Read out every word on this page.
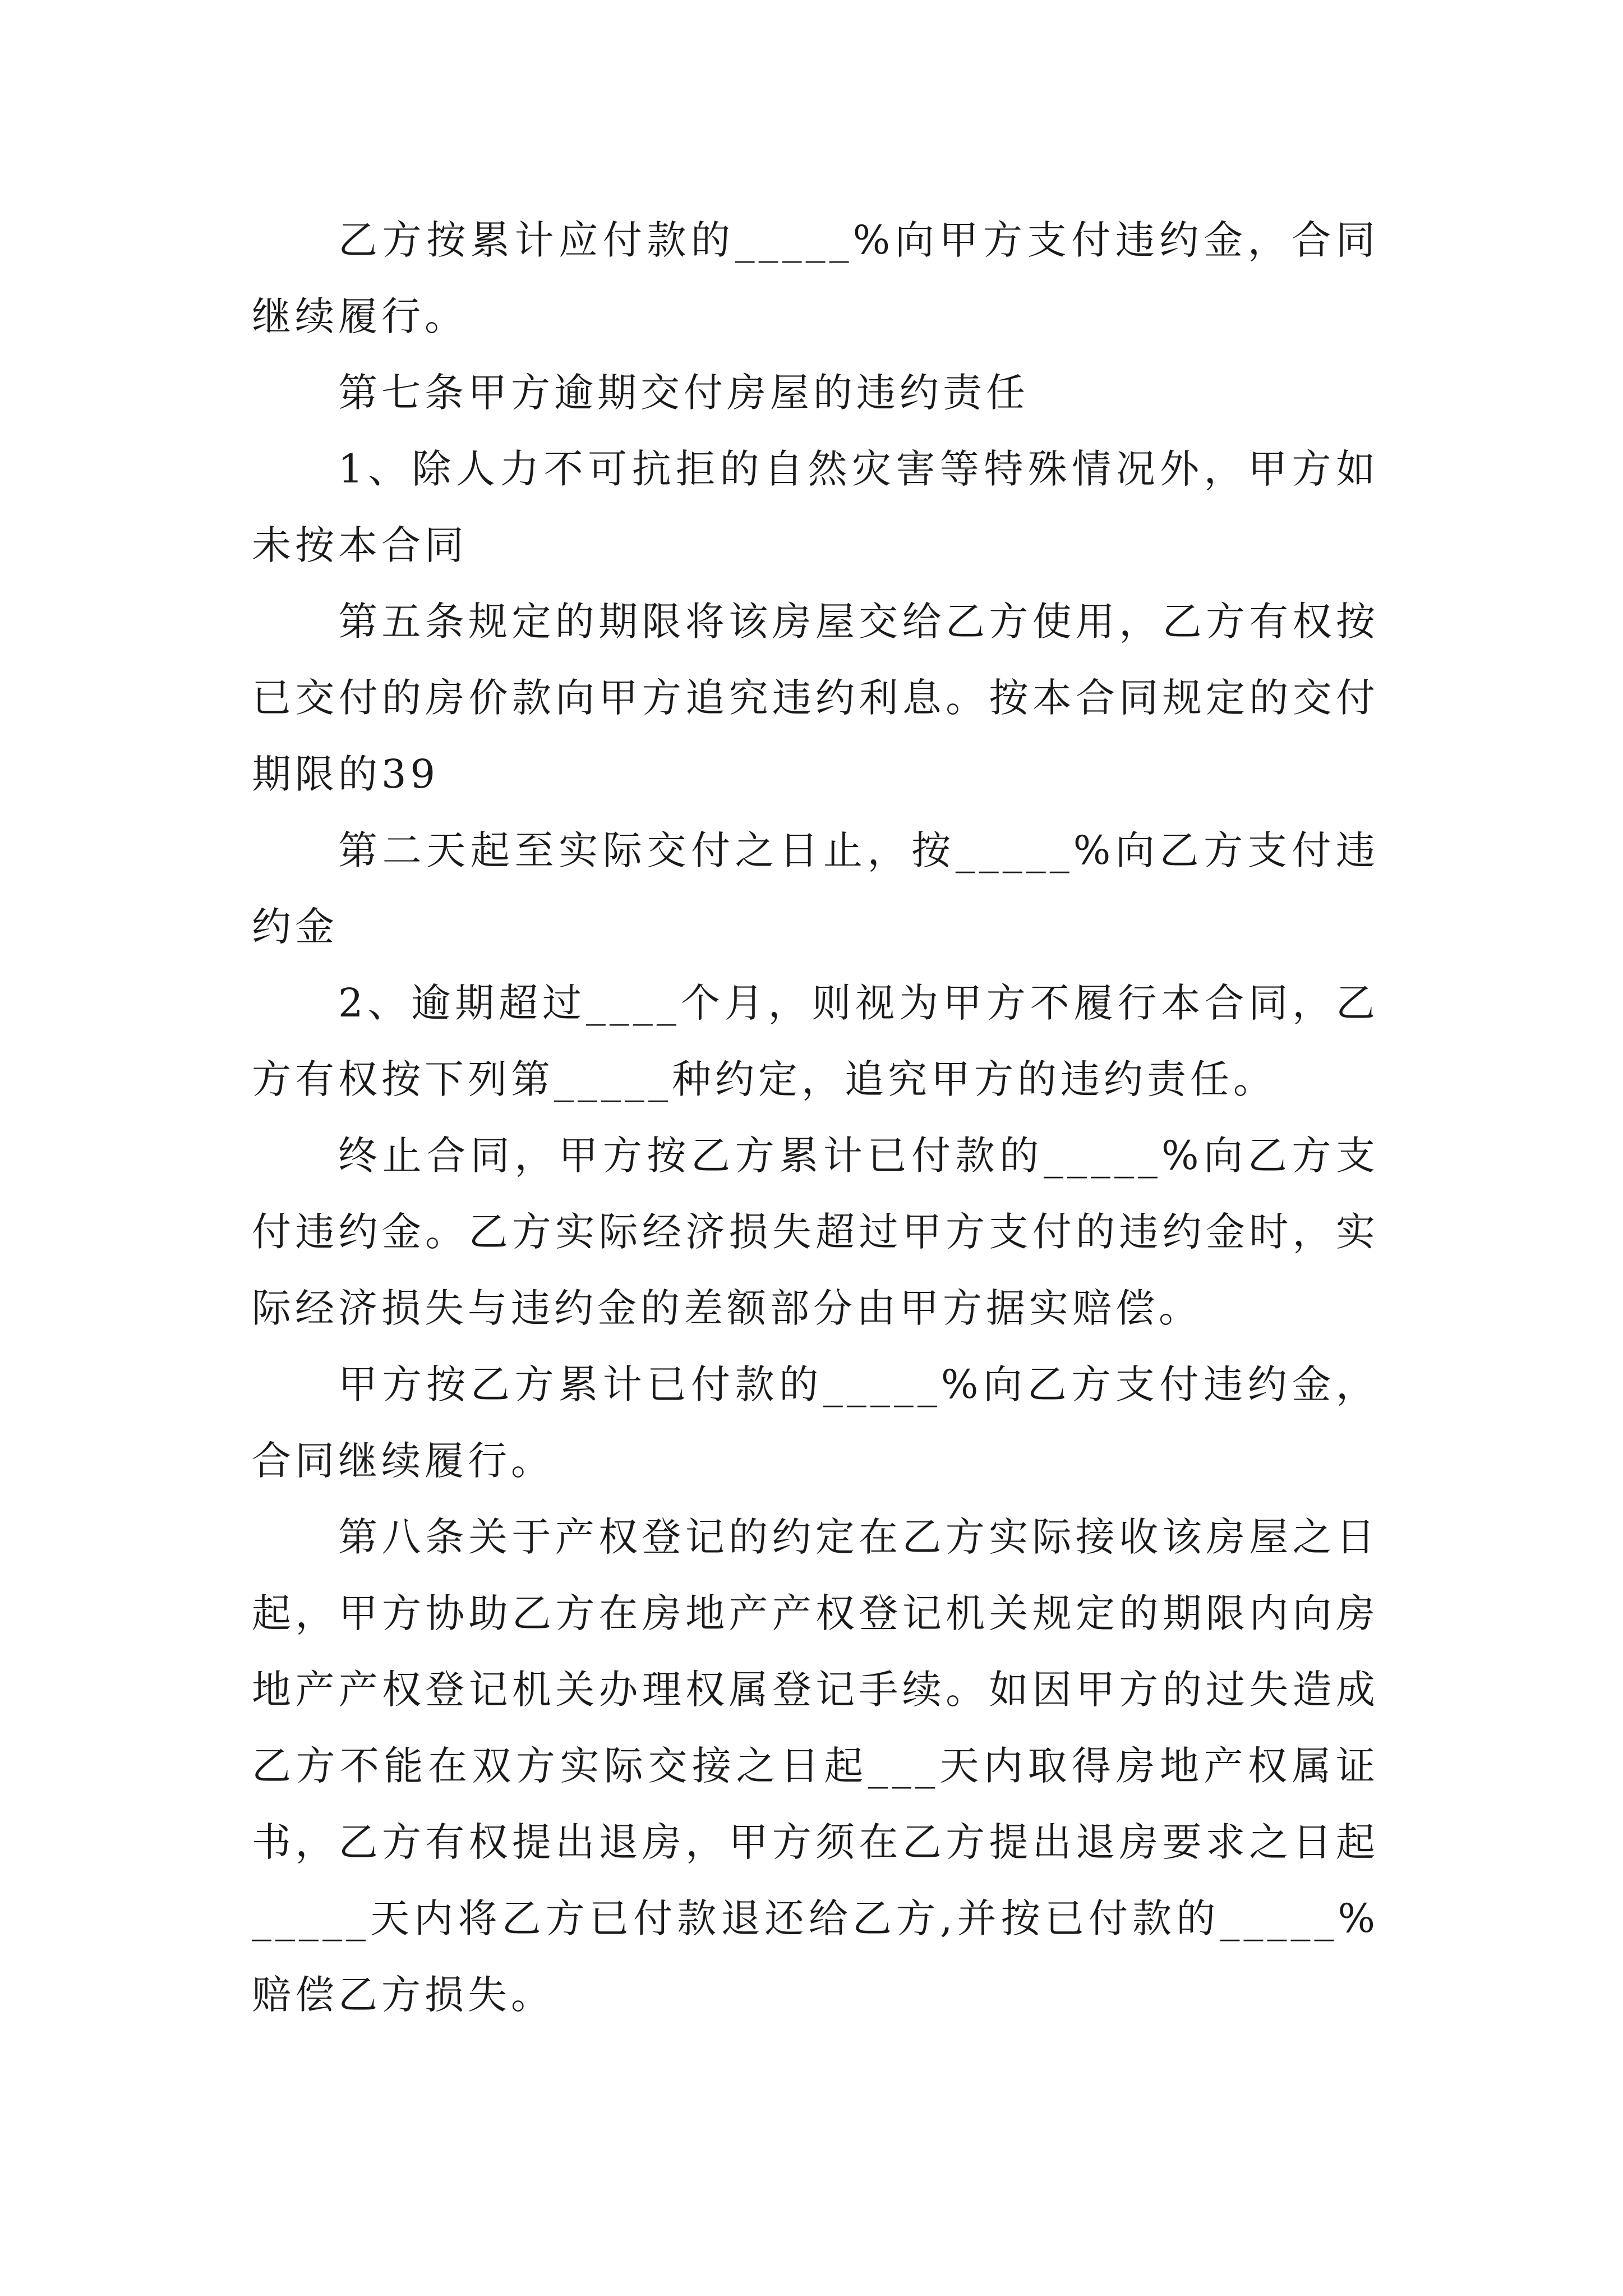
乙方按累计应付款的_____%向甲方支付违约金，合同继续履行。

第七条甲方逾期交付房屋的违约责任

1、除人力不可抗拒的自然灾害等特殊情况外，甲方如未按本合同

第五条规定的期限将该房屋交给乙方使用，乙方有权按已交付的房价款向甲方追究违约利息。按本合同规定的交付期限的39

第二天起至实际交付之日止，按_____%向乙方支付违约金

2、逾期超过____个月，则视为甲方不履行本合同，乙方有权按下列第_____种约定，追究甲方的违约责任。

终止合同，甲方按乙方累计已付款的_____%向乙方支付违约金。乙方实际经济损失超过甲方支付的违约金时，实际经济损失与违约金的差额部分由甲方据实赔偿。

甲方按乙方累计已付款的_____%向乙方支付违约金，合同继续履行。

第八条关于产权登记的约定在乙方实际接收该房屋之日起，甲方协助乙方在房地产产权登记机关规定的期限内向房地产产权登记机关办理权属登记手续。如因甲方的过失造成乙方不能在双方实际交接之日起___天内取得房地产权属证书，乙方有权提出退房，甲方须在乙方提出退房要求之日起_____天内将乙方已付款退还给乙方,并按已付款的_____%赔偿乙方损失。
